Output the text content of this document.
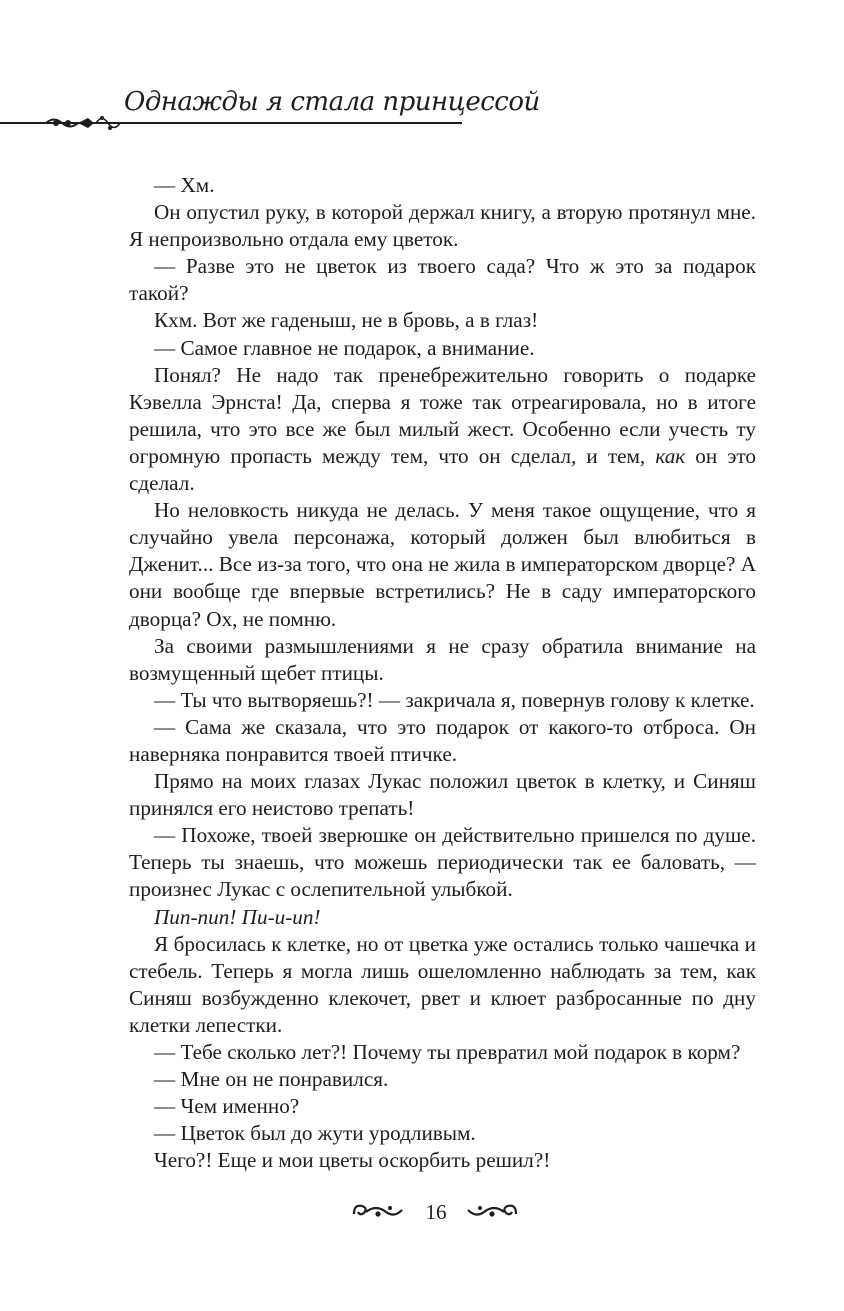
Однажды я стала принцессой

— Хм.

Он опустил руку, в которой держал книгу, а вторую протянул мне. Я непроизвольно отдала ему цветок.

— Разве это не цветок из твоего сада? Что ж это за подарок такой?

Кхм. Вот же гаденыш, не в бровь, а в глаз!

— Самое главное не подарок, а внимание.

Понял? Не надо так пренебрежительно говорить о подарке Кэвелла Эрнста! Да, сперва я тоже так отреагировала, но в итоге решила, что это все же был милый жест. Особенно если учесть ту огромную пропасть между тем, что он сделал, и тем, как он это сделал.

Но неловкость никуда не делась. У меня такое ощущение, что я случайно увела персонажа, который должен был влюбиться в Дженит... Все из-за того, что она не жила в императорском дворце? А они вообще где впервые встретились? Не в саду императорского дворца? Ох, не помню.

За своими размышлениями я не сразу обратила внимание на возмущенный щебет птицы.

— Ты что вытворяешь?! — закричала я, повернув голову к клетке.

— Сама же сказала, что это подарок от какого-то отброса. Он наверняка понравится твоей птичке.

Прямо на моих глазах Лукас положил цветок в клетку, и Синяш принялся его неистово трепать!

— Похоже, твоей зверюшке он действительно пришелся по душе. Теперь ты знаешь, что можешь периодически так ее баловать, — произнес Лукас с ослепительной улыбкой.

Пип-пип! Пи-и-ип!

Я бросилась к клетке, но от цветка уже остались только чашечка и стебель. Теперь я могла лишь ошеломленно наблюдать за тем, как Синяш возбужденно клекочет, рвет и клюет разбросанные по дну клетки лепестки.

— Тебе сколько лет?! Почему ты превратил мой подарок в корм?

— Мне он не понравился.

— Чем именно?

— Цветок был до жути уродливым.

Чего?! Еще и мои цветы оскорбить решил?!

16
